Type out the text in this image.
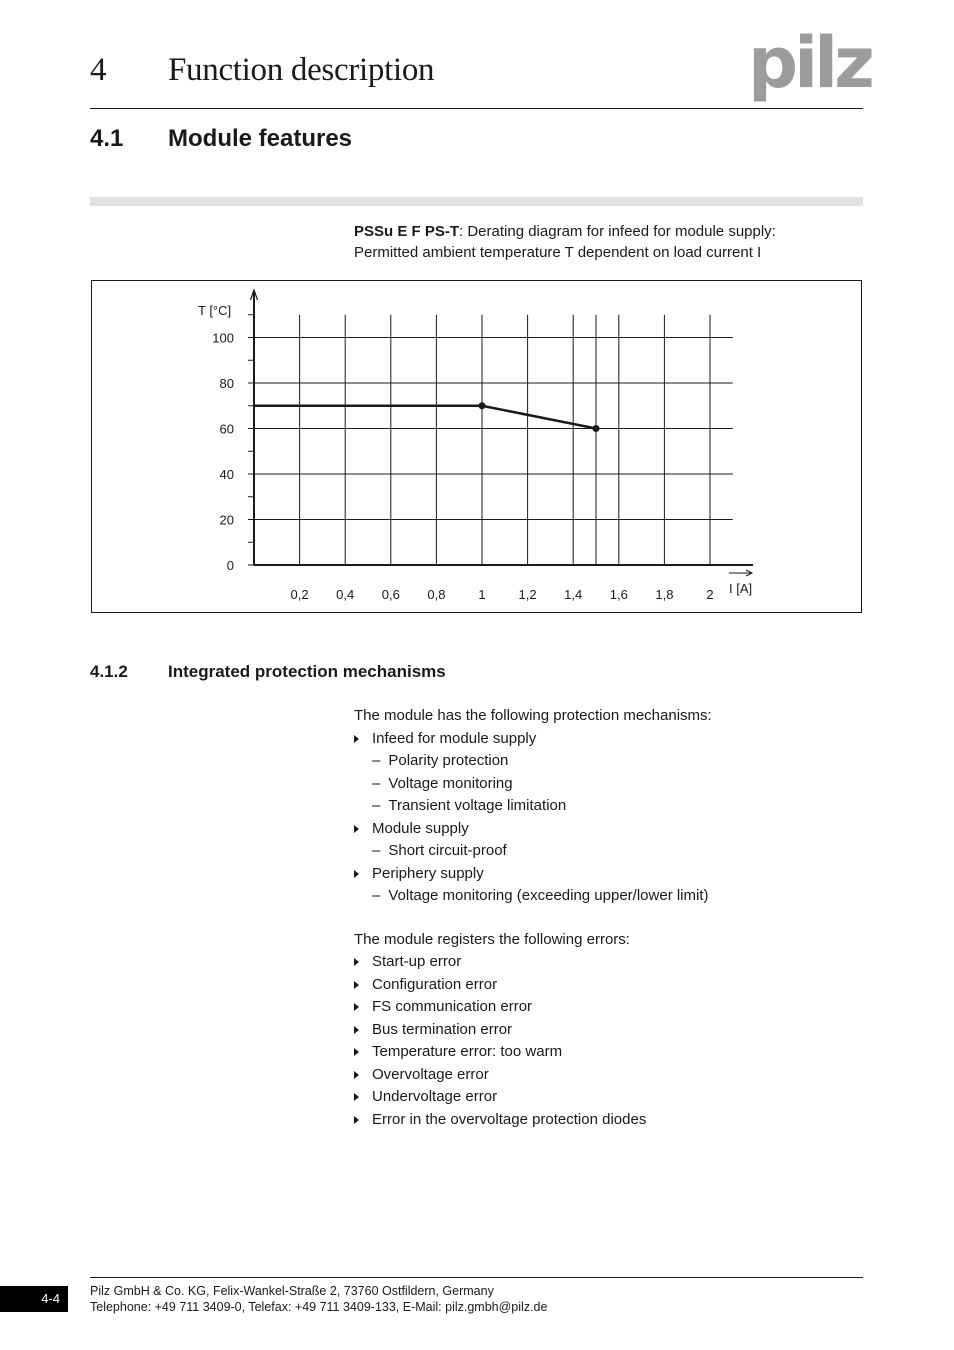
4 Function description	pilz
4.1 Module features
PSSu E F PS-T: Derating diagram for infeed for module supply:
Permitted ambient temperature T dependent on load current I
0
20
40
60
80
100
0,2 0,4 0,6 0,8	1	1,2 1,4 1,6 1,8	2
T [°C]
I [A]
4.1.2 Integrated protection mechanisms
The module has the following protection mechanisms:
Infeed for module supply
– Polarity protection
– Voltage monitoring
– Transient voltage limitation
Module supply
– Short circuit-proof
Periphery supply
– Voltage monitoring (exceeding upper/lower limit)
The module registers the following errors:
Start-up error
Configuration error
FS communication error
Bus termination error
Temperature error: too warm
Overvoltage error
Undervoltage error
Error in the overvoltage protection diodes
4-4	Pilz GmbH & Co. KG, Felix-Wankel-Straße 2, 73760 Ostfildern, Germany
Telephone: +49 711 3409-0, Telefax: +49 711 3409-133, E-Mail: pilz.gmbh@pilz.de
